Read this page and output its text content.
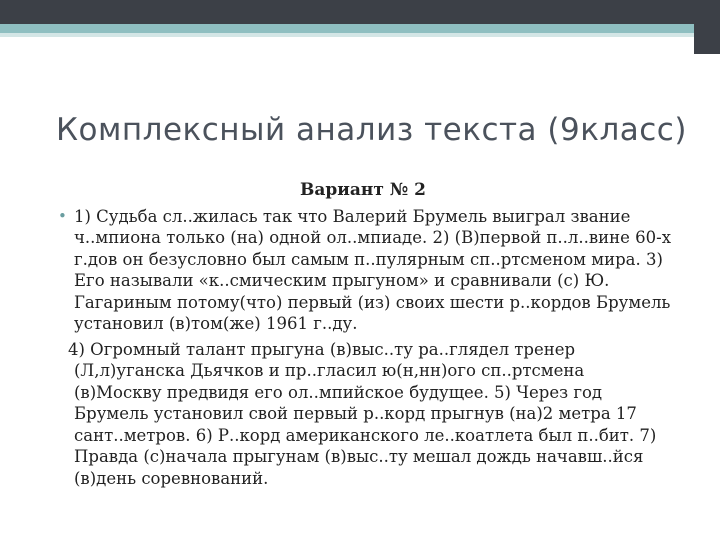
Комплексный анализ текста (9класс)

Вариант № 2

• 1) Судьба сл..жилась так что Валерий Брумель выиграл звание ч..мпиона только (на) одной ол..мпиаде. 2) (В)первой п..л..вине 60-х г.дов он безусловно был самым п..пулярным сп..ртсменом мира. 3) Его называли «к..смическим прыгуном» и сравнивали (с) Ю. Гагариным потому(что) первый (из) своих шести р..кордов Брумель установил (в)том(же) 1961 г..ду.

4) Огромный талант прыгуна (в)выс..ту ра..глядел тренер (Л,л)уганска Дьячков и пр..гласил ю(н,нн)ого сп..ртсмена (в)Москву предвидя его ол..мпийское будущее. 5) Через год Брумель установил свой первый р..корд прыгнув (на)2 метра 17 сант..метров. 6) Р..корд американского ле..коатлета был п..бит. 7) Правда (с)начала прыгунам (в)выс..ту мешал дождь начавш..йся (в)день соревнований.
